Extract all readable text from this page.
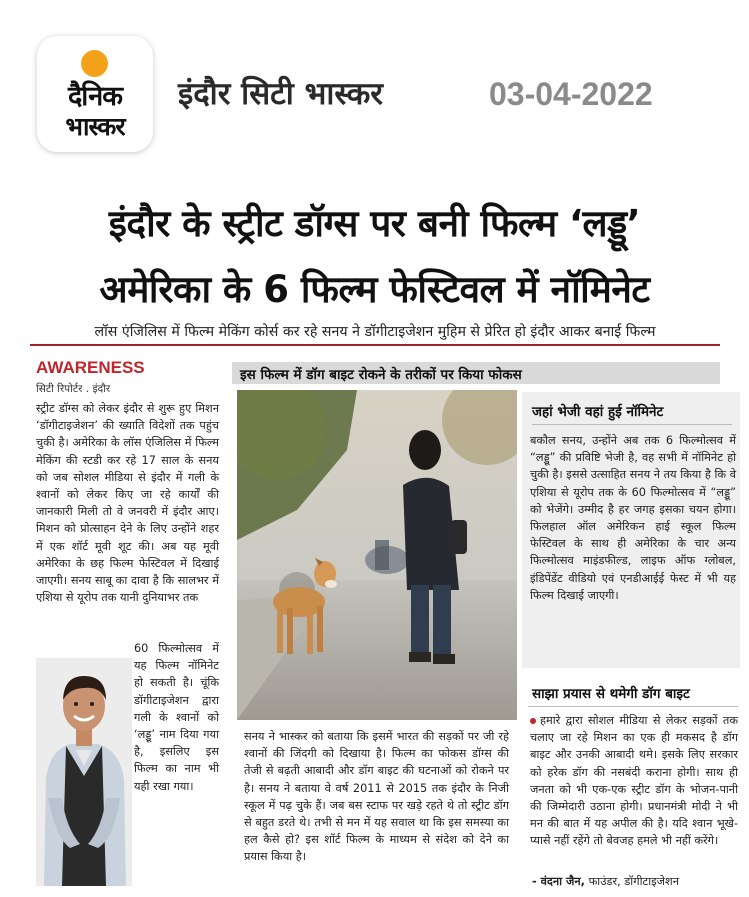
दैनिक
भास्कर
इंदौर सिटी भास्कर	03-04-2022
इंदौर के स्ट्रीट डॉग्स पर बनी फिल्म ‘लड्डू’
अमेरिका के 6 फिल्म फेस्टिवल में नॉमिनेट
लॉस एंजिलिस में फिल्म मेकिंग कोर्स कर रहे सनय ने डॉगीटाइजेशन मुहिम से प्रेरित हो इंदौर आकर बनाई फिल्म
AWARENESS
सिटी रिपोर्टर . इंदौर

स्ट्रीट डॉग्स को लेकर इंदौर से शुरू हुए मिशन ‘डॉगीटाइजेशन’ की ख्याति विदेशों तक पहुंच चुकी है। अमेरिका के लॉस एंजिलिस में फिल्म मेकिंग की स्टडी कर रहे 17 साल के सनय को जब सोशल मीडिया से इंदौर में गली के श्वानों को लेकर किए जा रहे कार्यों की जानकारी मिली तो वे जनवरी में इंदौर आए। मिशन को प्रोत्साहन देने के लिए उन्होंने शहर में एक शॉर्ट मूवी शूट की। अब यह मूवी अमेरिका के छह फिल्म फेस्टिवल में दिखाई जाएगी। सनय साबू का दावा है कि सालभर में एशिया से यूरोप तक यानी दुनियाभर तक

60 फिल्मोत्सव में यह फिल्म नॉमिनेट हो सकती है। चूंकि डॉगीटाइजेशन द्वारा गली के श्वानों को ‘लड्डू’ नाम दिया गया है, इसलिए इस फिल्म का नाम भी यही रखा गया।

इस फिल्म में डॉग बाइट रोकने के तरीकों पर किया फोकस

सनय ने भास्कर को बताया कि इसमें भारत की सड़कों पर जी रहे श्वानों की जिंदगी को दिखाया है। फिल्म का फोकस डॉग्स की तेजी से बढ़ती आबादी और डॉग बाइट की घटनाओं को रोकने पर है। सनय ने बताया वे वर्ष 2011 से 2015 तक इंदौर के निजी स्कूल में पढ़ चुके हैं। जब बस स्टाफ पर खड़े रहते थे तो स्ट्रीट डॉग से बहुत डरते थे। तभी से मन में यह सवाल था कि इस समस्या का हल कैसे हो? इस शॉर्ट फिल्म के माध्यम से संदेश को देने का प्रयास किया है।

जहां भेजी वहां हुई नॉमिनेट

बकौल सनय, उन्होंने अब तक 6 फिल्मोत्सव में “लड्डू” की प्रविष्टि भेजी है, वह सभी में नॉमिनेट हो चुकी है। इससे उत्साहित सनय ने तय किया है कि वे एशिया से यूरोप तक के 60 फिल्मोत्सव में “लड्डू” को भेजेंगे। उम्मीद है हर जगह इसका चयन होगा। फिलहाल ऑल अमेरिकन हाई स्कूल फिल्म फेस्टिवल के साथ ही अमेरिका के चार अन्य फिल्मोत्सव माइंडफील्ड, लाइफ ऑफ ग्लोबल, इंडिपेंडेंट वीडियो एवं एनडीआईई फेस्ट में भी यह फिल्म दिखाई जाएगी।

साझा प्रयास से थमेगी डॉग बाइट

हमारे द्वारा सोशल मीडिया से लेकर सड़कों तक चलाए जा रहे मिशन का एक ही मकसद है डॉग बाइट और उनकी आबादी थमे। इसके लिए सरकार को हरेक डॉग की नसबंदी कराना होगी। साथ ही जनता को भी एक-एक स्ट्रीट डॉग के भोजन-पानी की जिम्मेदारी उठाना होगी। प्रधानमंत्री मोदी ने भी मन की बात में यह अपील की है। यदि श्वान भूखे-प्यासे नहीं रहेंगे तो बेवजह हमले भी नहीं करेंगे।

- वंदना जैन, फाउंडर, डॉगीटाइजेशन
